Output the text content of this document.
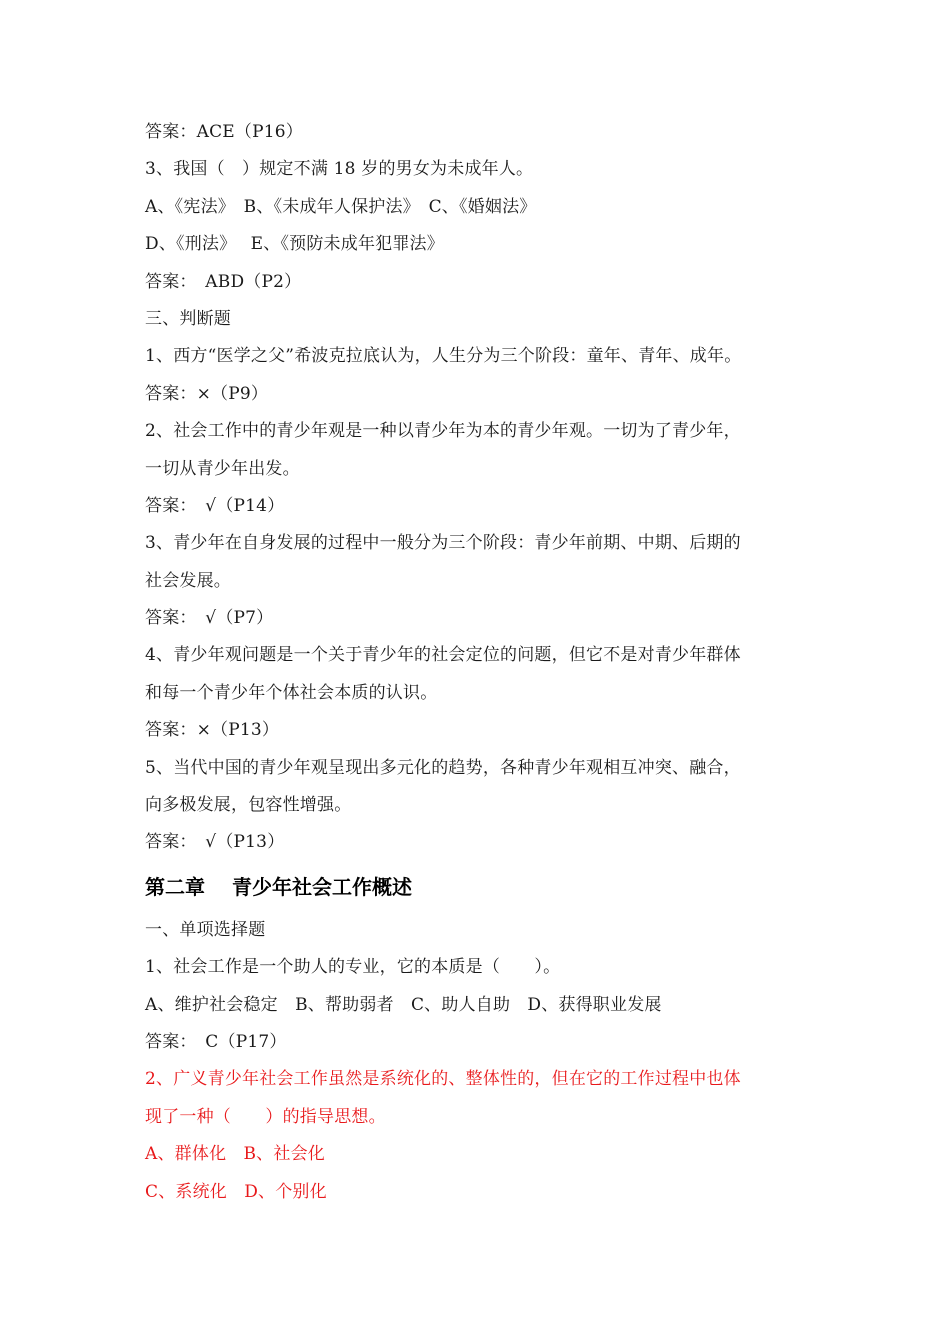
答案：ACE（P16）
3、我国（　）规定不满 18 岁的男女为未成年人。
A、《宪法》　B、《未成年人保护法》　C、《婚姻法》
D、《刑法》　 E、《预防未成年犯罪法》
答案：　ABD（P2）
三、判断题
1、西方“医学之父”希波克拉底认为，人生分为三个阶段：童年、青年、成年。
答案：×（P9）
2、社会工作中的青少年观是一种以青少年为本的青少年观。一切为了青少年，
一切从青少年出发。
答案：　√（P14）
3、青少年在自身发展的过程中一般分为三个阶段：青少年前期、中期、后期的
社会发展。
答案：　√（P7）
4、青少年观问题是一个关于青少年的社会定位的问题，但它不是对青少年群体
和每一个青少年个体社会本质的认识。
答案：×（P13）
5、当代中国的青少年观呈现出多元化的趋势，各种青少年观相互冲突、融合，
向多极发展，包容性增强。
答案：　√（P13）
第二章　 青少年社会工作概述
一、单项选择题
1、社会工作是一个助人的专业，它的本质是（　　）。
A、维护社会稳定　B、帮助弱者　C、助人自助　D、获得职业发展
答案：　C（P17）
2、广义青少年社会工作虽然是系统化的、整体性的，但在它的工作过程中也体
现了一种（　　）的指导思想。
A、群体化　B、社会化
C、系统化　D、个别化
